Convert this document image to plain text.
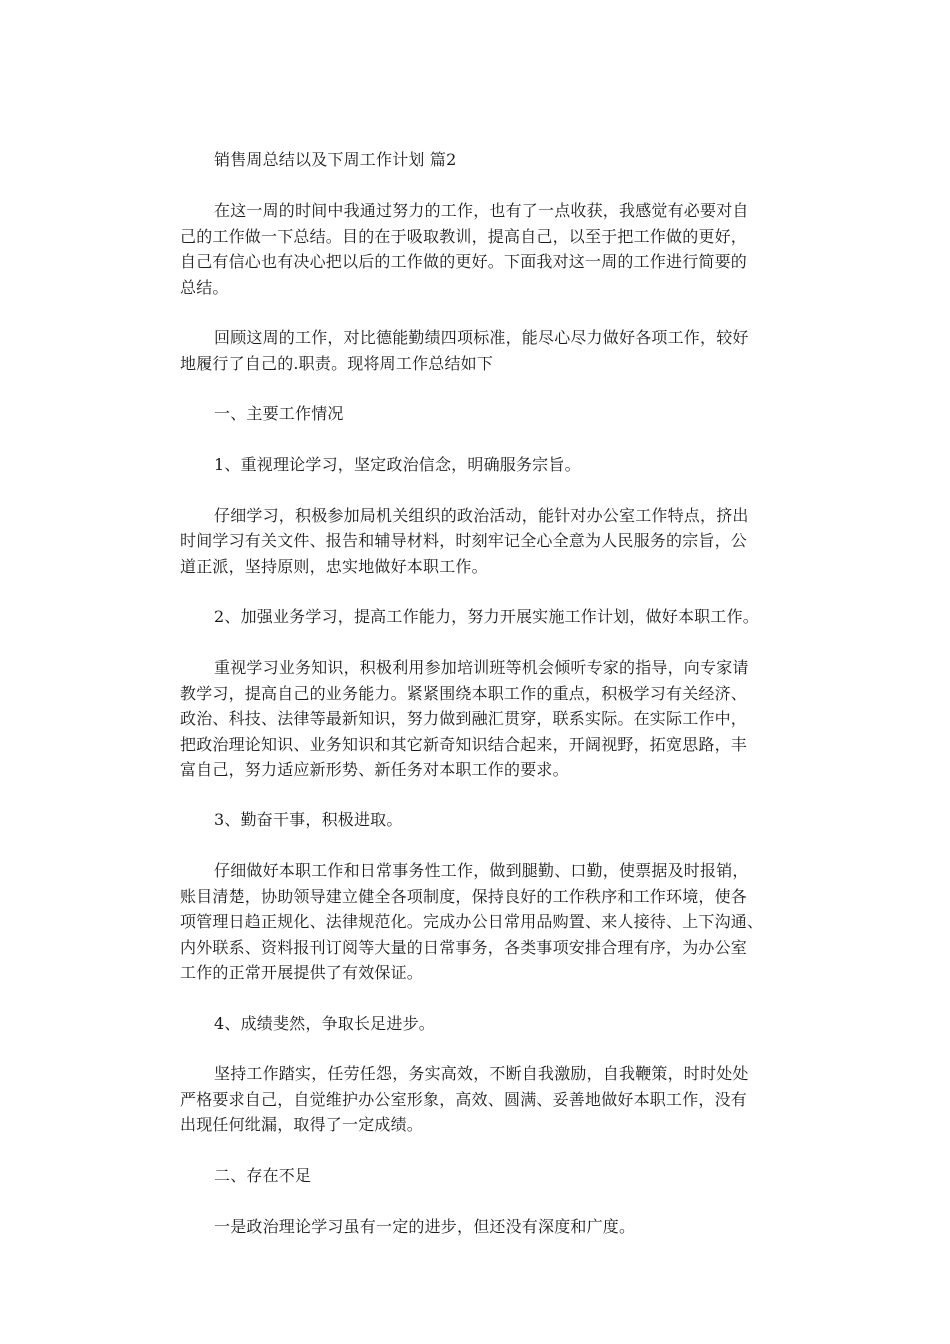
销售周总结以及下周工作计划 篇2
在这一周的时间中我通过努力的工作，也有了一点收获，我感觉有必要对自
己的工作做一下总结。目的在于吸取教训，提高自己，以至于把工作做的更好，
自己有信心也有决心把以后的工作做的更好。下面我对这一周的工作进行简要的
总结。
回顾这周的工作，对比德能勤绩四项标准，能尽心尽力做好各项工作，较好
地履行了自己的.职责。现将周工作总结如下
一、主要工作情况
1、重视理论学习，坚定政治信念，明确服务宗旨。
仔细学习，积极参加局机关组织的政治活动，能针对办公室工作特点，挤出
时间学习有关文件、报告和辅导材料，时刻牢记全心全意为人民服务的宗旨，公
道正派，坚持原则，忠实地做好本职工作。
2、加强业务学习，提高工作能力，努力开展实施工作计划，做好本职工作。
重视学习业务知识，积极利用参加培训班等机会倾听专家的指导，向专家请
教学习，提高自己的业务能力。紧紧围绕本职工作的重点，积极学习有关经济、
政治、科技、法律等最新知识，努力做到融汇贯穿，联系实际。在实际工作中，
把政治理论知识、业务知识和其它新奇知识结合起来，开阔视野，拓宽思路，丰
富自己，努力适应新形势、新任务对本职工作的要求。
3、勤奋干事，积极进取。
仔细做好本职工作和日常事务性工作，做到腿勤、口勤，使票据及时报销，
账目清楚，协助领导建立健全各项制度，保持良好的工作秩序和工作环境，使各
项管理日趋正规化、法律规范化。完成办公日常用品购置、来人接待、上下沟通、
内外联系、资料报刊订阅等大量的日常事务，各类事项安排合理有序，为办公室
工作的正常开展提供了有效保证。
4、成绩斐然，争取长足进步。
坚持工作踏实，任劳任怨，务实高效，不断自我激励，自我鞭策，时时处处
严格要求自己，自觉维护办公室形象，高效、圆满、妥善地做好本职工作，没有
出现任何纰漏，取得了一定成绩。
二、存在不足
一是政治理论学习虽有一定的进步，但还没有深度和广度。
